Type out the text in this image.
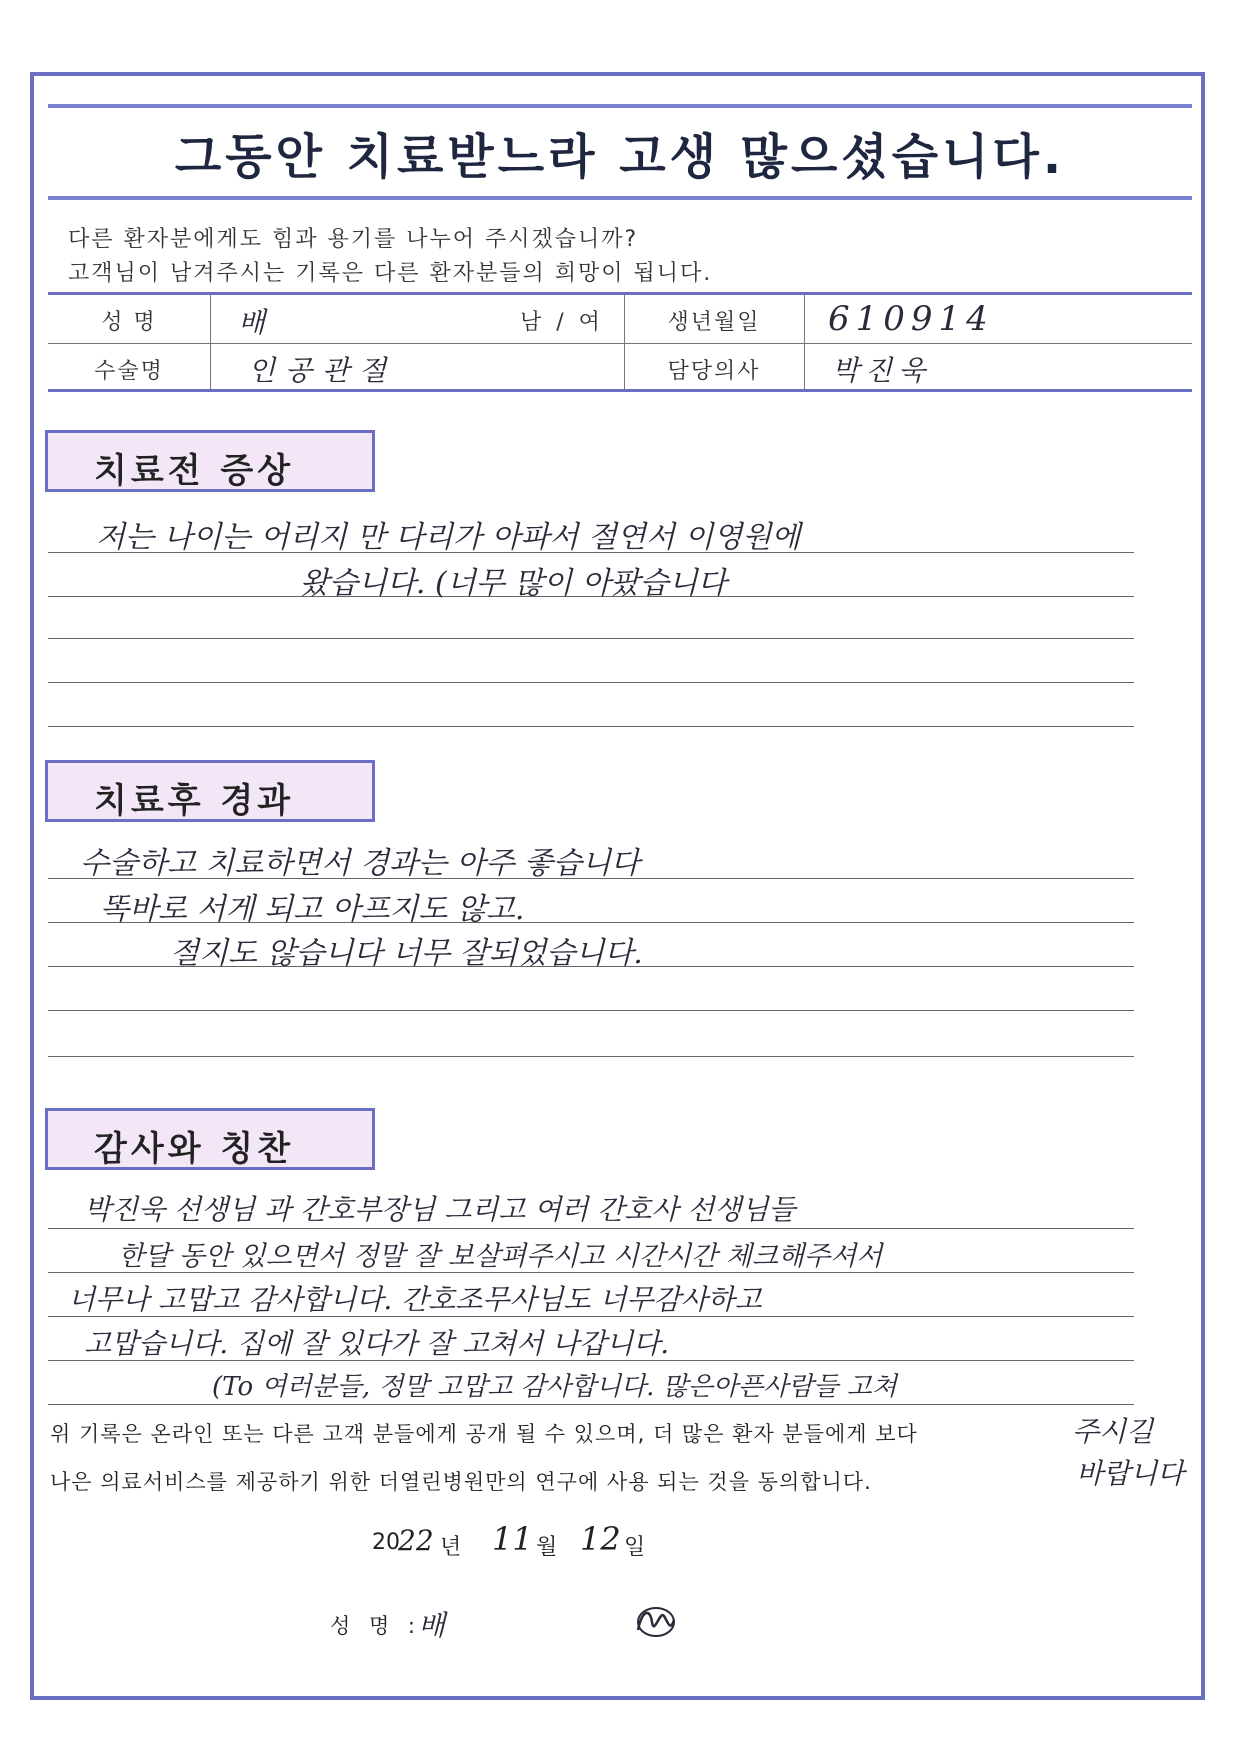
그동안 치료받느라 고생 많으셨습니다.
다른 환자분에게도 힘과 용기를 나누어 주시겠습니까?
고객님이 남겨주시는 기록은 다른 환자분들의 희망이 됩니다.
성 명	배	남 / 여	생년월일	610914
수술명	인공관절	담당의사	박진욱
치료전 증상
저는 나이는 어리지 만 다리가 아파서 절연서 이영원에
왔습니다. (너무 많이 아팠습니다
치료후 경과
수술하고 치료하면서 경과는 아주 좋습니다
똑바로 서게 되고 아프지도 않고.
절지도 않습니다 너무 잘되었습니다.
감사와 칭찬
박진욱 선생님 과 간호부장님 그리고 여러 간호사 선생님들
한달 동안 있으면서 정말 잘 보살펴주시고 시간시간 체크해주셔서
너무나 고맙고 감사합니다. 간호조무사님도 너무감사하고
고맙습니다. 집에 잘 있다가 잘 고쳐서 나갑니다.
(To 여러분들, 정말 고맙고 감사합니다. 많은아픈사람들 고쳐
주시길
바랍니다
위 기록은 온라인 또는 다른 고객 분들에게 공개 될 수 있으며, 더 많은 환자 분들에게 보다
나은 의료서비스를 제공하기 위한 더열린병원만의 연구에 사용 되는 것을 동의합니다.
20
22 년 11 월 12 일
성 명 :
배
